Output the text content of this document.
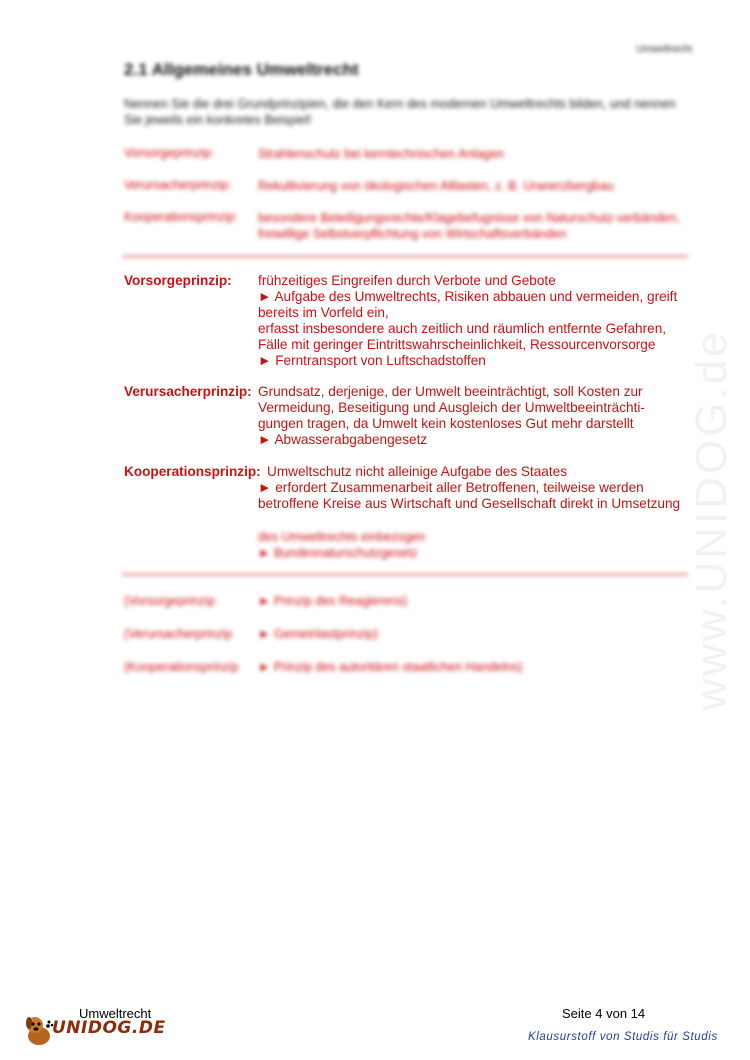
Umweltrecht
2.1 Allgemeines Umweltrecht
Nennen Sie die drei Grundprinzipien, die den Kern des modernen Umweltrechts bilden, und nennen Sie jeweils ein konkretes Beispiel!
Vorsorgeprinzip:	Strahlenschutz bei kerntechnischen Anlagen
Verursacherprinzip: Rekultivierung von ökologischen Altlasten, z. B. Uranerzbergbau
Kooperationsprinzip: besondere Beteiligungsrechte/Klagebefugnisse von Naturschutz-verbänden, freiwillige Selbstverpflichtung von Wirtschaftsverbänden
Vorsorgeprinzip: frühzeitiges Eingreifen durch Verbote und Gebote
► Aufgabe des Umweltrechts, Risiken abbauen und vermeiden, greift
bereits im Vorfeld ein,
erfasst insbesondere auch zeitlich und räumlich entfernte Gefahren,
Fälle mit geringer Eintrittswahrscheinlichkeit, Ressourcenvorsorge
► Ferntransport von Luftschadstoffen
Verursacherprinzip: Grundsatz, derjenige, der Umwelt beeinträchtigt, soll Kosten zur
Vermeidung, Beseitigung und Ausgleich der Umweltbeeinträchti-
gungen tragen, da Umwelt kein kostenloses Gut mehr darstellt
► Abwasserabgabengesetz
Kooperationsprinzip: Umweltschutz nicht alleinige Aufgabe des Staates
► erfordert Zusammenarbeit aller Betroffenen, teilweise werden
betroffene Kreise aus Wirtschaft und Gesellschaft direkt in Umsetzung
des Umweltrechts einbezogen
► Bundesnaturschutzgesetz
(Vorsorgeprinzip	► Prinzip des Reagierens)
(Verursacherprinzip ► Gemeinlastprinzip)
(Kooperationsprinzip ► Prinzip des autoritären staatlichen Handelns)	www.UNIDOG.de
Umweltrecht	Seite 4 von 14
UNIDOG.DE	Klausurstoff von Studis für Studis
